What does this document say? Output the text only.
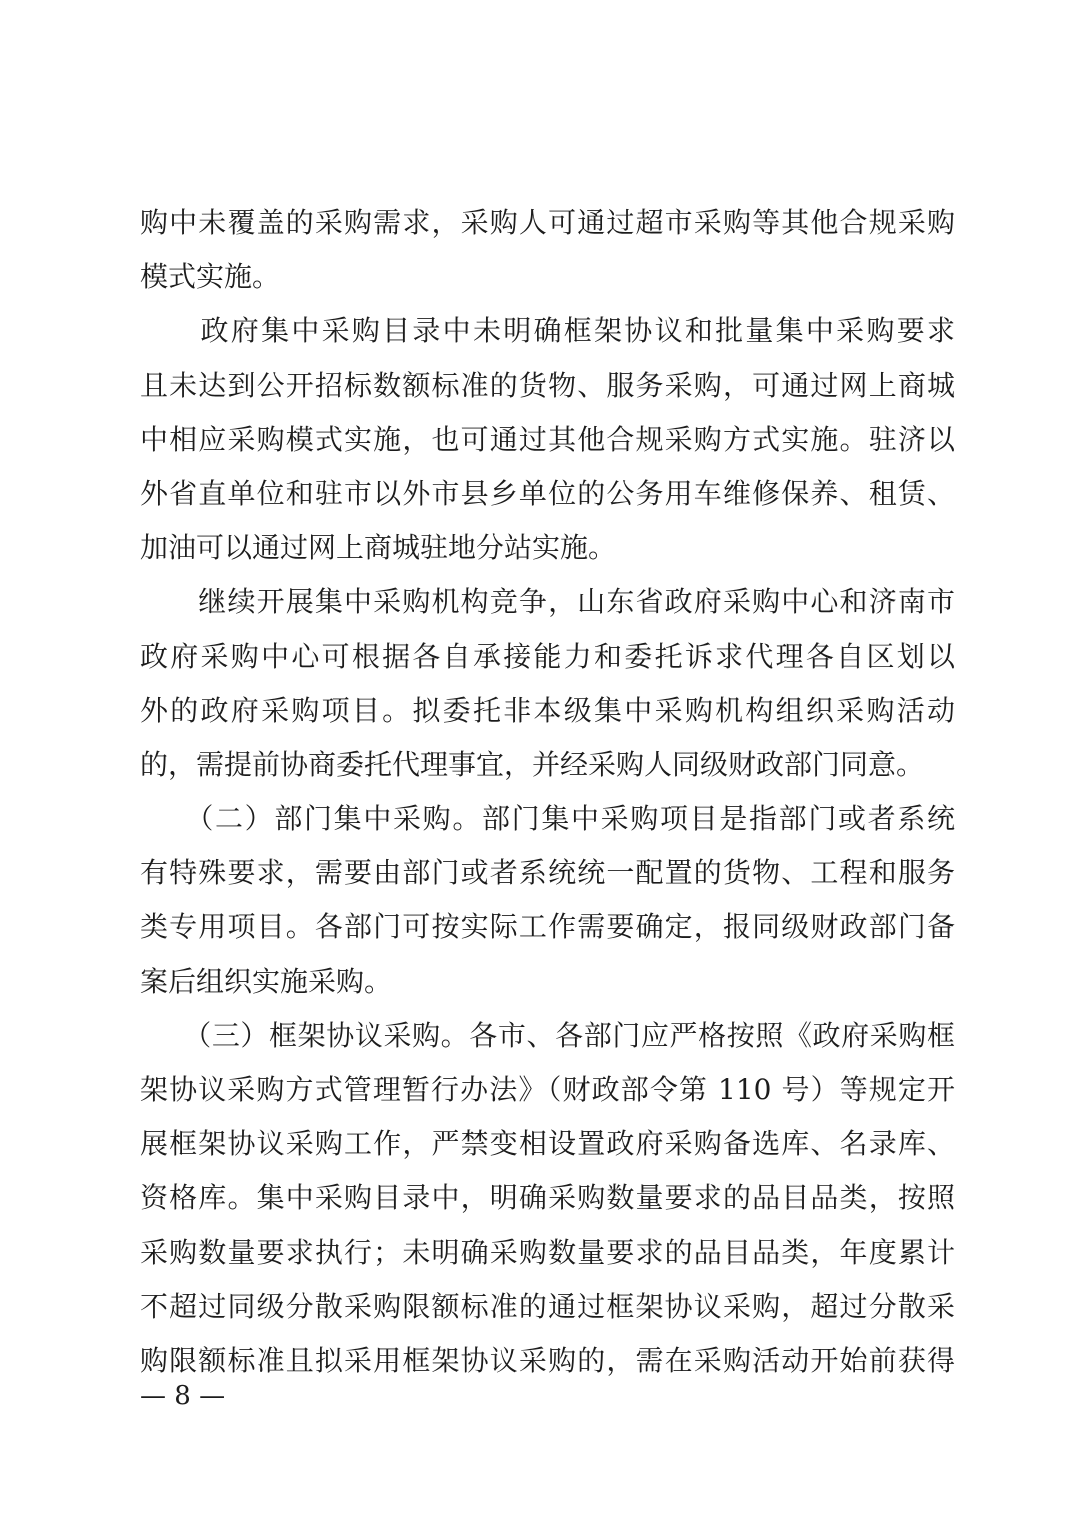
购中未覆盖的采购需求，采购人可通过超市采购等其他合规采购
模式实施。
　　政府集中采购目录中未明确框架协议和批量集中采购要求
且未达到公开招标数额标准的货物、服务采购，可通过网上商城
中相应采购模式实施，也可通过其他合规采购方式实施。驻济以
外省直单位和驻市以外市县乡单位的公务用车维修保养、租赁、
加油可以通过网上商城驻地分站实施。
　　继续开展集中采购机构竞争，山东省政府采购中心和济南市
政府采购中心可根据各自承接能力和委托诉求代理各自区划以
外的政府采购项目。拟委托非本级集中采购机构组织采购活动
的，需提前协商委托代理事宜，并经采购人同级财政部门同意。
　　（二）部门集中采购。部门集中采购项目是指部门或者系统
有特殊要求，需要由部门或者系统统一配置的货物、工程和服务
类专用项目。各部门可按实际工作需要确定，报同级财政部门备
案后组织实施采购。
　　（三）框架协议采购。各市、各部门应严格按照《政府采购框
架协议采购方式管理暂行办法》（财政部令第 110 号）等规定开
展框架协议采购工作，严禁变相设置政府采购备选库、名录库、
资格库。集中采购目录中，明确采购数量要求的品目品类，按照
采购数量要求执行；未明确采购数量要求的品目品类，年度累计
不超过同级分散采购限额标准的通过框架协议采购，超过分散采
购限额标准且拟采用框架协议采购的，需在采购活动开始前获得
— 8 —
